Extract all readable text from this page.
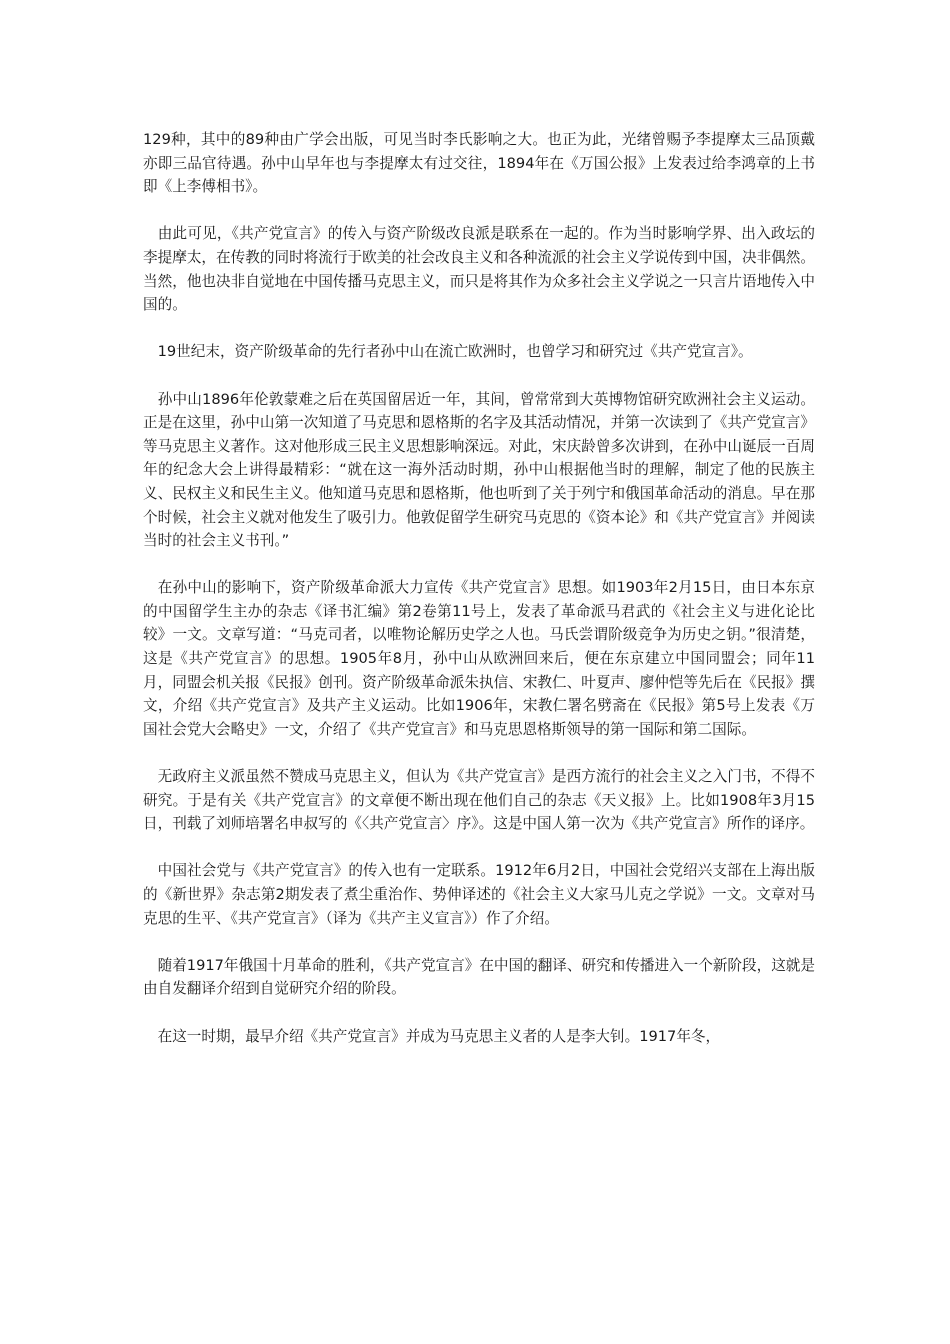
129种，其中的89种由广学会出版，可见当时李氏影响之大。也正为此，光绪曾赐予李提摩太三品顶戴亦即三品官待遇。孙中山早年也与李提摩太有过交往，1894年在《万国公报》上发表过给李鸿章的上书即《上李傅相书》。

　由此可见，《共产党宣言》的传入与资产阶级改良派是联系在一起的。作为当时影响学界、出入政坛的李提摩太，在传教的同时将流行于欧美的社会改良主义和各种流派的社会主义学说传到中国，决非偶然。当然，他也决非自觉地在中国传播马克思主义，而只是将其作为众多社会主义学说之一只言片语地传入中国的。

　19世纪末，资产阶级革命的先行者孙中山在流亡欧洲时，也曾学习和研究过《共产党宣言》。

　孙中山1896年伦敦蒙难之后在英国留居近一年，其间，曾常常到大英博物馆研究欧洲社会主义运动。正是在这里，孙中山第一次知道了马克思和恩格斯的名字及其活动情况，并第一次读到了《共产党宣言》等马克思主义著作。这对他形成三民主义思想影响深远。对此，宋庆龄曾多次讲到，在孙中山诞辰一百周年的纪念大会上讲得最精彩：“就在这一海外活动时期，孙中山根据他当时的理解，制定了他的民族主义、民权主义和民生主义。他知道马克思和恩格斯，他也听到了关于列宁和俄国革命活动的消息。早在那个时候，社会主义就对他发生了吸引力。他敦促留学生研究马克思的《资本论》和《共产党宣言》并阅读当时的社会主义书刊。”

　在孙中山的影响下，资产阶级革命派大力宣传《共产党宣言》思想。如1903年2月15日，由日本东京的中国留学生主办的杂志《译书汇编》第2卷第11号上，发表了革命派马君武的《社会主义与进化论比较》一文。文章写道：“马克司者，以唯物论解历史学之人也。马氏尝谓阶级竞争为历史之钥。”很清楚，这是《共产党宣言》的思想。1905年8月，孙中山从欧洲回来后，便在东京建立中国同盟会；同年11月，同盟会机关报《民报》创刊。资产阶级革命派朱执信、宋教仁、叶夏声、廖仲恺等先后在《民报》撰文，介绍《共产党宣言》及共产主义运动。比如1906年，宋教仁署名劈斋在《民报》第5号上发表《万国社会党大会略史》一文，介绍了《共产党宣言》和马克思恩格斯领导的第一国际和第二国际。

　无政府主义派虽然不赞成马克思主义，但认为《共产党宣言》是西方流行的社会主义之入门书，不得不研究。于是有关《共产党宣言》的文章便不断出现在他们自己的杂志《天义报》上。比如1908年3月15日，刊载了刘师培署名申叔写的《〈共产党宣言〉序》。这是中国人第一次为《共产党宣言》所作的译序。

　中国社会党与《共产党宣言》的传入也有一定联系。1912年6月2日，中国社会党绍兴支部在上海出版的《新世界》杂志第2期发表了煮尘重治作、势伸译述的《社会主义大家马儿克之学说》一文。文章对马克思的生平、《共产党宣言》（译为《共产主义宣言》）作了介绍。

　随着1917年俄国十月革命的胜利，《共产党宣言》在中国的翻译、研究和传播进入一个新阶段，这就是由自发翻译介绍到自觉研究介绍的阶段。

　在这一时期，最早介绍《共产党宣言》并成为马克思主义者的人是李大钊。1917年冬，
